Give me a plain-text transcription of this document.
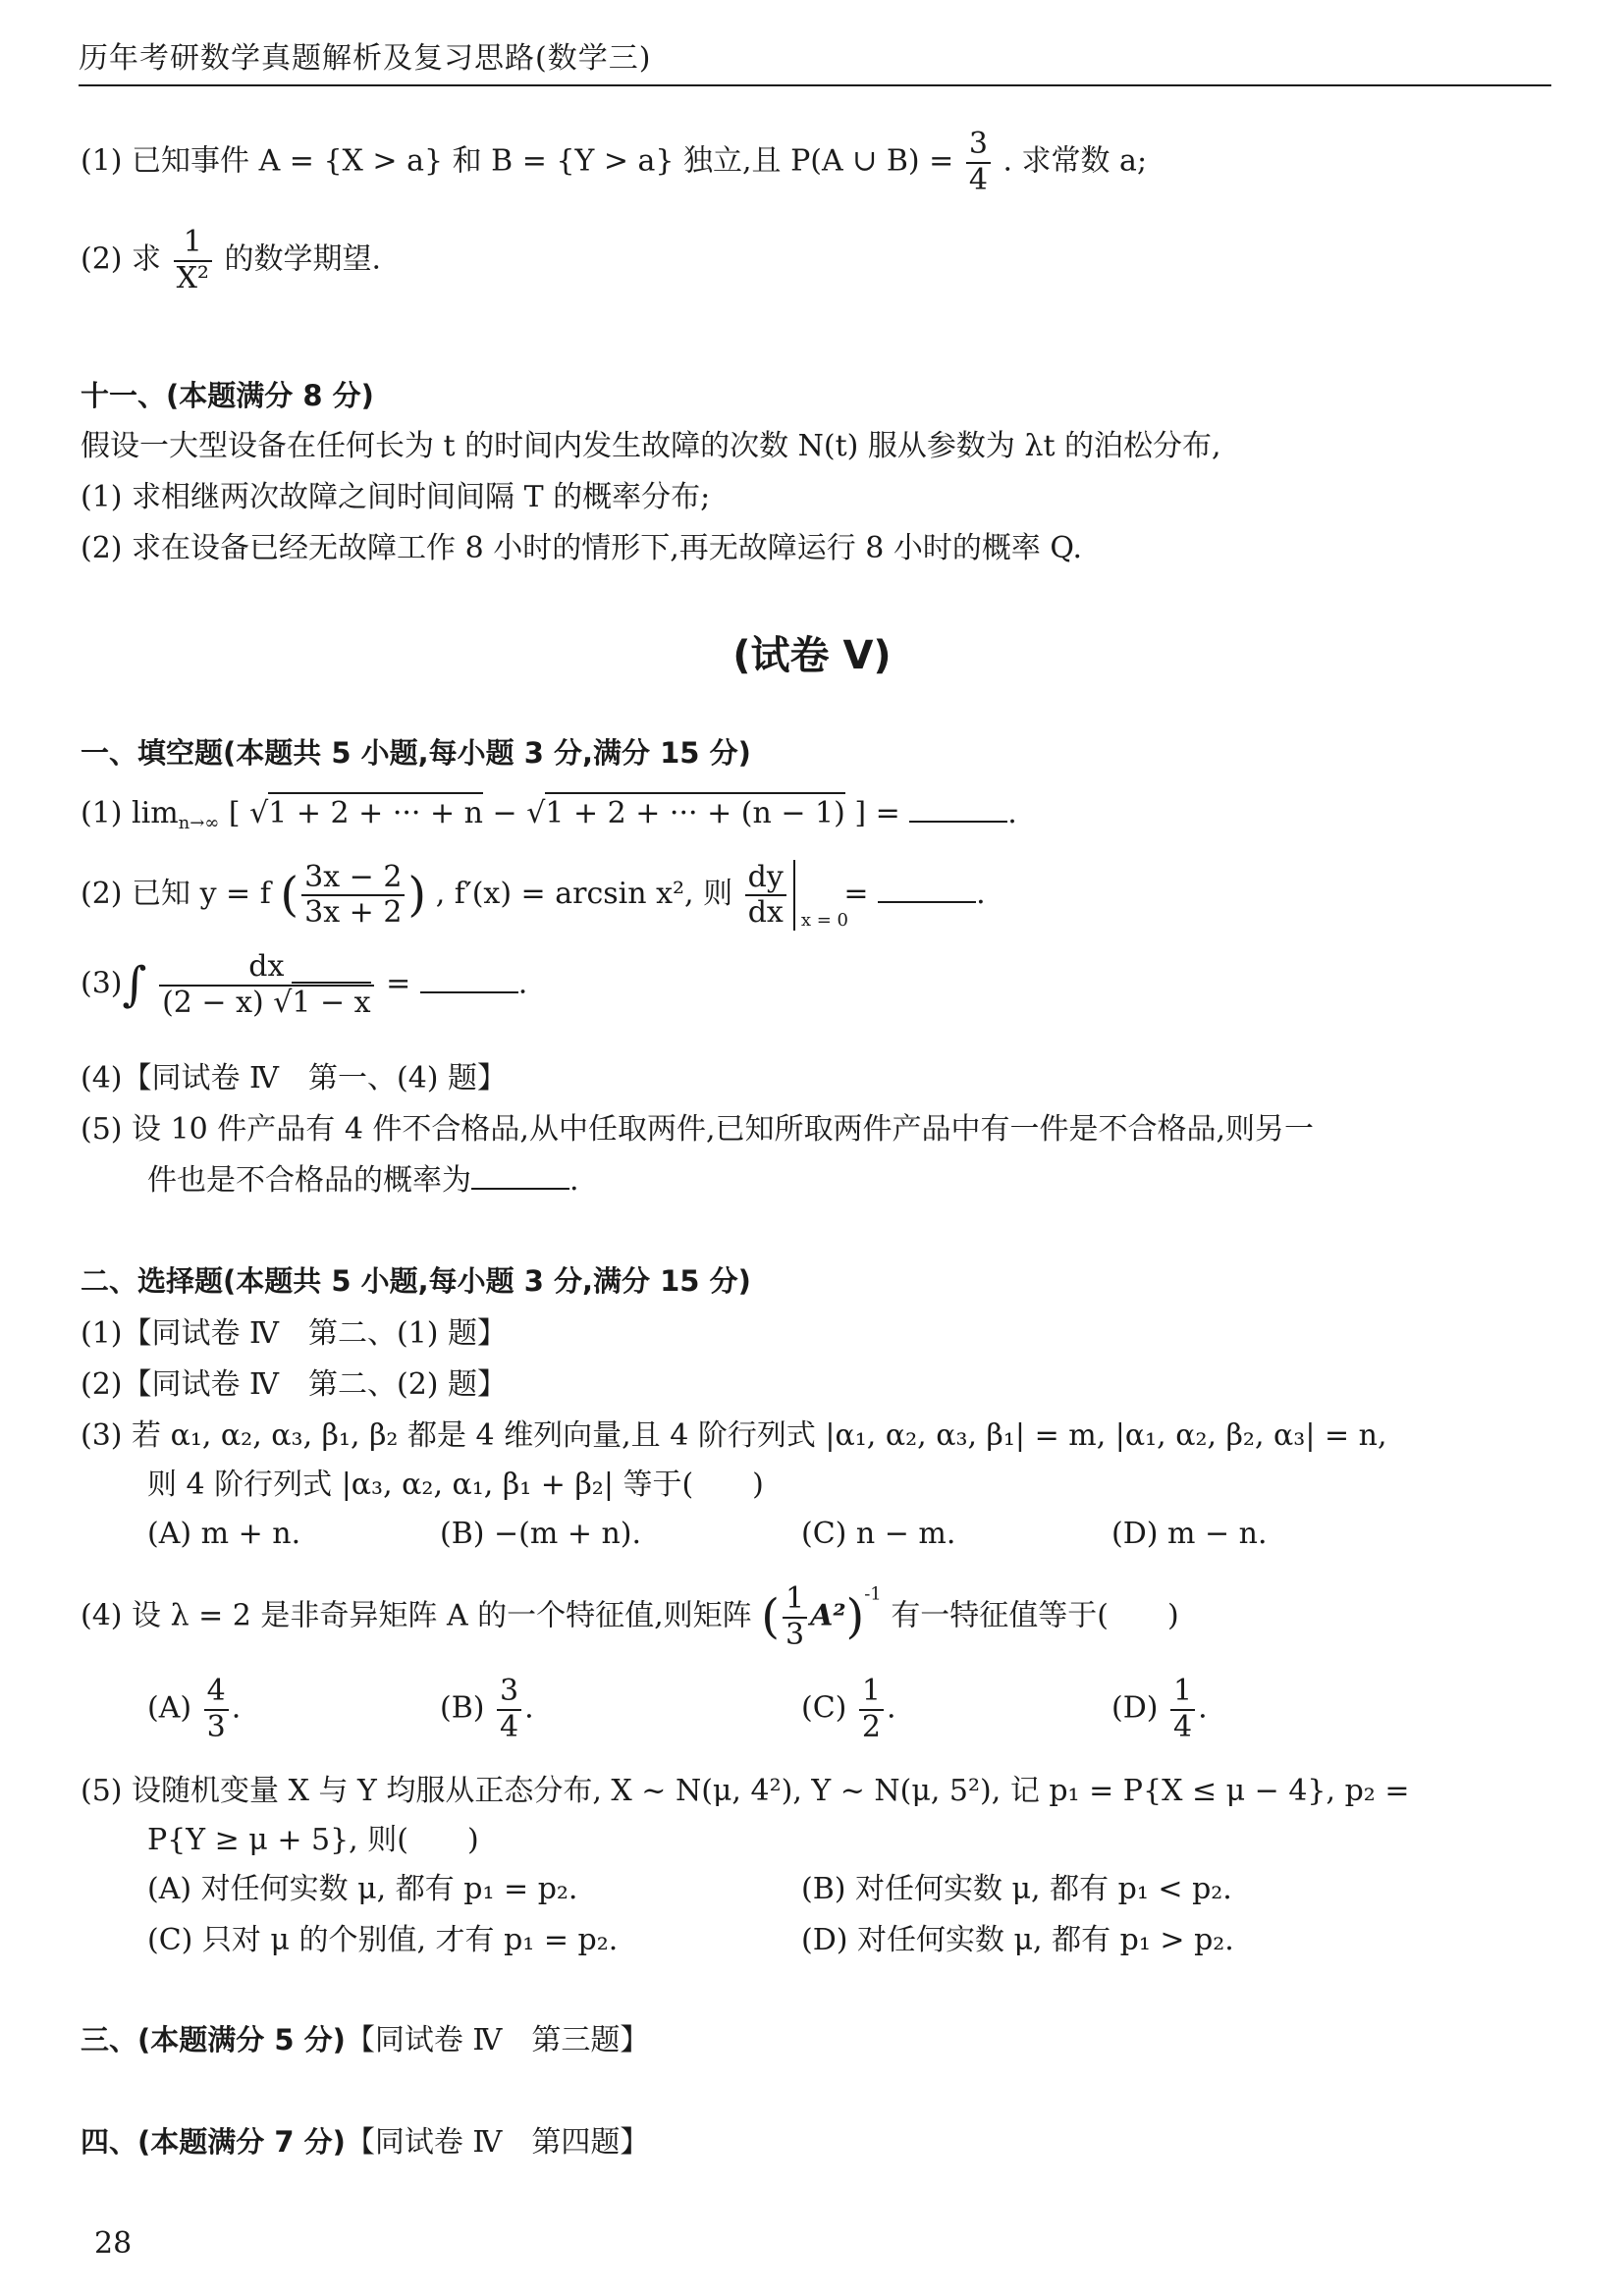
历年考研数学真题解析及复习思路(数学三)
(1) 已知事件 A = {X > a} 和 B = {Y > a} 独立,且 P(A ∪ $B) = \frac{3}{4}$ . 求常数 a;
(2) 求 $\frac{1}{\text{X²}}$ 的数学期望.
十一、(本题满分 8 分)
假设一大型设备在任何长为 t 的时间内发生故障的次数 N(t) 服从参数为 λt 的泊松分布,
(1) 求相继两次故障之间时间间隔 T 的概率分布;
(2) 求在设备已经无故障工作 8 小时的情形下,再无故障运行 8 小时的概率 Q.
(试卷 V)
一、填空题(本题共 5 小题,每小题 3 分,满分 15 分)
(1) $\lim_{n\to\infty}$ [ √1 + 2 + ··· + n − √1 + 2 + ··· + (n − 1) ] =	.
(2) 已知 y = f ( $\frac{3x - 2}{3x + 2}$ ) , f′(x) = arcsin x², 则 $\frac{dy}{dx}$ x = 0
=	.
$(3)\int \frac{dx}{(2 - x) √1 - x}$ =	.
(4)【同试卷 Ⅳ　第一、(4) 题】
(5) 设 10 件产品有 4 件不合格品,从中任取两件,已知所取两件产品中有一件是不合格品,则另一
件也是不合格品的概率为	.
二、选择题(本题共 5 小题,每小题 3 分,满分 15 分)
(1)【同试卷 Ⅳ　第二、(1) 题】
(2)【同试卷 Ⅳ　第二、(2) 题】
(3) 若 α₁, α₂, α₃, β₁, β₂ 都是 4 维列向量,且 4 阶行列式 |α₁, α₂, α₃, β₁| = m, |α₁, α₂, β₂, α₃| = n,
则 4 阶行列式 |α₃, α₂, α₁, β₁ + β₂| 等于(　　)
(A) m + n.	(B) −(m + n).	(C) n − m.	(D) m − n.
(4) 设 λ = 2 是非奇异矩阵 A 的一个特征值,则矩阵 ( $\frac{1}{3} A^2)^{-1}$ 有一特征值等于(　　)
$(A) \frac{4}{3}$ .	$(B) \frac{3}{4}$ .	$(C) \frac{1}{2}$ .	$(D) \frac{1}{4}$ .
(5) 设随机变量 X 与 Y 均服从正态分布, X ~ N(μ, 4²), Y ~ N(μ, 5²), 记 p₁ = P{X ≤ μ − 4}, p₂ =
P{Y ≥ μ + 5}, 则(　　)
(A) 对任何实数 μ, 都有 p₁ = p₂.	(B) 对任何实数 μ, 都有 p₁ < p₂.
(C) 只对 μ 的个别值, 才有 p₁ = p₂.	(D) 对任何实数 μ, 都有 p₁ > p₂.
三、(本题满分 5 分)【同试卷 Ⅳ　第三题】
四、(本题满分 7 分)【同试卷 Ⅳ　第四题】
28
